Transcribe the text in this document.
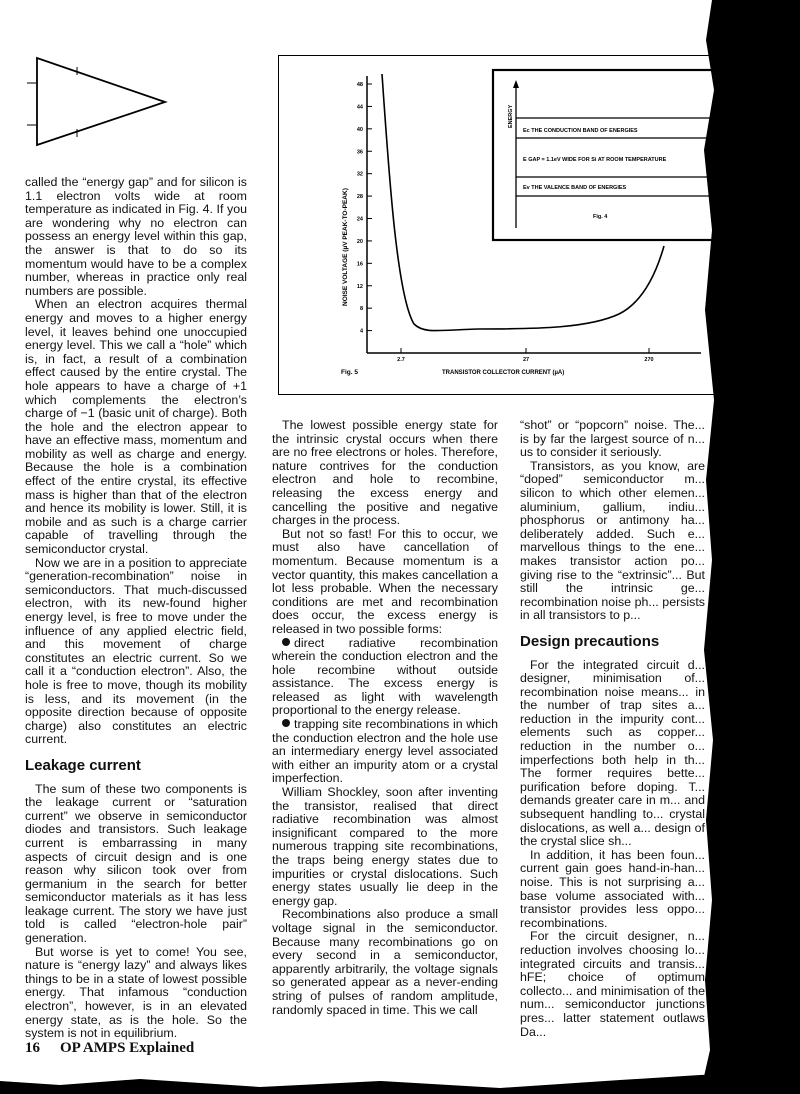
48
44
40
36
32
28
24
20
16
12
8
4
2.7	27	270
NOISE VOLTAGE (µV PEAK-TO-PEAK)
TRANSISTOR COLLECTOR CURRENT (µA)
Fig. 5
ENERGY
Ec THE CONDUCTION BAND OF ENERGIES
E GAP = 1.1eV WIDE FOR Si AT ROOM TEMPERATURE
Ev THE VALENCE BAND OF ENERGIES
Fig. 4

called the “energy gap” and for silicon is 1.1 electron volts wide at room temperature as indicated in Fig. 4. If you are wondering why no electron can possess an energy level within this gap, the answer is that to do so its momentum would have to be a complex number, whereas in practice only real numbers are possible.

When an electron acquires thermal energy and moves to a higher energy level, it leaves behind one unoccupied energy level. This we call a “hole” which is, in fact, a result of a combination effect caused by the entire crystal. The hole appears to have a charge of +1 which complements the electron’s charge of −1 (basic unit of charge). Both the hole and the electron appear to have an effective mass, momentum and mobility as well as charge and energy. Because the hole is a combination effect of the entire crystal, its effective mass is higher than that of the electron and hence its mobility is lower. Still, it is mobile and as such is a charge carrier capable of travelling through the semiconductor crystal.

Now we are in a position to appreciate “generation-recombination” noise in semiconductors. That much-discussed electron, with its new-found higher energy level, is free to move under the influence of any applied electric field, and this movement of charge constitutes an electric current. So we call it a “conduction electron”. Also, the hole is free to move, though its mobility is less, and its movement (in the opposite direction because of opposite charge) also constitutes an electric current.

Leakage current

The sum of these two components is the leakage current or “saturation current” we observe in semiconductor diodes and transistors. Such leakage current is embarrassing in many aspects of circuit design and is one reason why silicon took over from germanium in the search for better semiconductor materials as it has less leakage current. The story we have just told is called “electron-hole pair” generation.

But worse is yet to come! You see, nature is “energy lazy” and always likes things to be in a state of lowest possible energy. That infamous “conduction electron”, however, is in an elevated energy state, as is the hole. So the system is not in equilibrium.

The lowest possible energy state for the intrinsic crystal occurs when there are no free electrons or holes. Therefore, nature contrives for the conduction electron and hole to recombine, releasing the excess energy and cancelling the positive and negative charges in the process.

But not so fast! For this to occur, we must also have cancellation of momentum. Because momentum is a vector quantity, this makes cancellation a lot less probable. When the necessary conditions are met and recombination does occur, the excess energy is released in two possible forms:

direct radiative recombination wherein the conduction electron and the hole recombine without outside assistance. The excess energy is released as light with wavelength proportional to the energy release.

trapping site recombinations in which the conduction electron and the hole use an intermediary energy level associated with either an impurity atom or a crystal imperfection.

William Shockley, soon after inventing the transistor, realised that direct radiative recombination was almost insignificant compared to the more numerous trapping site recombinations, the traps being energy states due to impurities or crystal dislocations. Such energy states usually lie deep in the energy gap.

Recombinations also produce a small voltage signal in the semiconductor. Because many recombinations go on every second in a semiconductor, apparently arbitrarily, the voltage signals so generated appear as a never-ending string of pulses of random amplitude, randomly spaced in time. This we call

“shot” or “popcorn” noise. The... is by far the largest source of n... us to consider it seriously.

Transistors, as you know, are “doped” semiconductor m... silicon to which other elemen... aluminium, gallium, indiu... phosphorus or antimony ha... deliberately added. Such e... marvellous things to the ene... makes transistor action po... giving rise to the “extrinsic”... But still the intrinsic ge... recombination noise ph... persists in all transistors to p...

Design precautions

For the integrated circuit d... designer, minimisation of... recombination noise means... in the number of trap sites a... reduction in the impurity cont... elements such as copper... reduction in the number o... imperfections both help in th... The former requires bette... purification before doping. T... demands greater care in m... and subsequent handling to... crystal dislocations, as well a... design of the crystal slice sh...

In addition, it has been foun... current gain goes hand-in-han... noise. This is not surprising a... base volume associated with... transistor provides less oppo... recombinations.

For the circuit designer, n... reduction involves choosing lo... integrated circuits and transis... hFE; choice of optimum collecto... and minimisation of the num... semiconductor junctions pres... latter statement outlaws Da...

16 OP AMPS Explained
